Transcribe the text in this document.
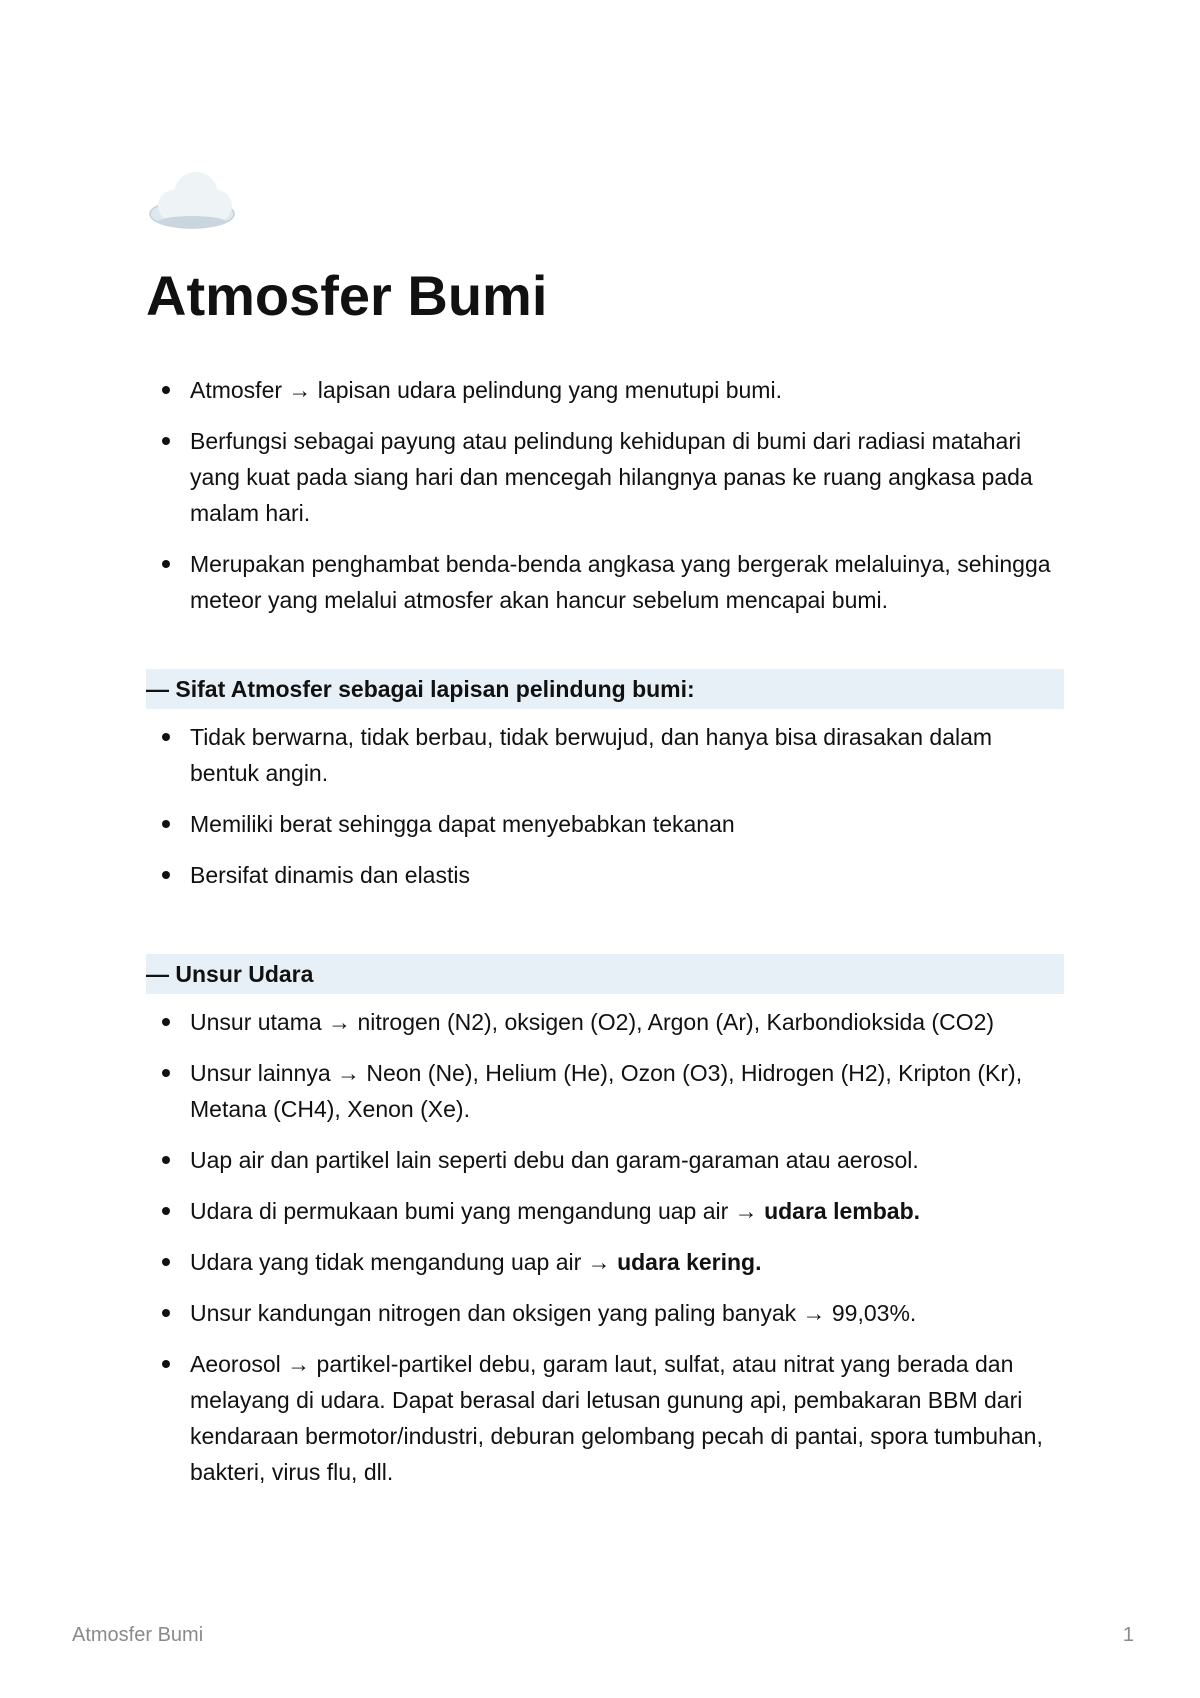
Atmosfer Bumi
Atmosfer → lapisan udara pelindung yang menutupi bumi.
Berfungsi sebagai payung atau pelindung kehidupan di bumi dari radiasi matahari yang kuat pada siang hari dan mencegah hilangnya panas ke ruang angkasa pada malam hari.
Merupakan penghambat benda-benda angkasa yang bergerak melaluinya, sehingga meteor yang melalui atmosfer akan hancur sebelum mencapai bumi.
— Sifat Atmosfer sebagai lapisan pelindung bumi:
Tidak berwarna, tidak berbau, tidak berwujud, dan hanya bisa dirasakan dalam bentuk angin.
Memiliki berat sehingga dapat menyebabkan tekanan
Bersifat dinamis dan elastis
— Unsur Udara
Unsur utama → nitrogen (N2), oksigen (O2), Argon (Ar), Karbondioksida (CO2)
Unsur lainnya → Neon (Ne), Helium (He), Ozon (O3), Hidrogen (H2), Kripton (Kr), Metana (CH4), Xenon (Xe).
Uap air dan partikel lain seperti debu dan garam-garaman atau aerosol.
Udara di permukaan bumi yang mengandung uap air → udara lembab.
Udara yang tidak mengandung uap air → udara kering.
Unsur kandungan nitrogen dan oksigen yang paling banyak → 99,03%.
Aeorosol → partikel-partikel debu, garam laut, sulfat, atau nitrat yang berada dan melayang di udara. Dapat berasal dari letusan gunung api, pembakaran BBM dari kendaraan bermotor/industri, deburan gelombang pecah di pantai, spora tumbuhan, bakteri, virus flu, dll.
Atmosfer Bumi	1
